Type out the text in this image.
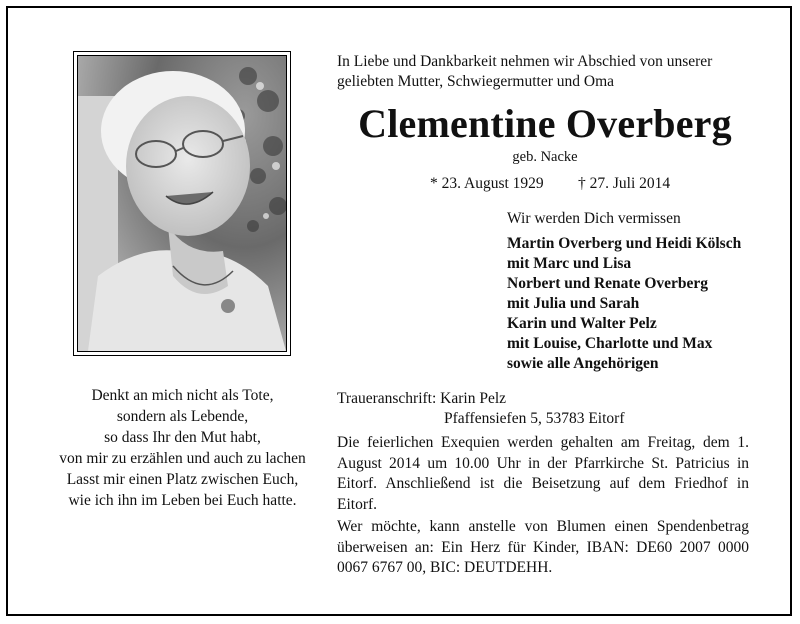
Denkt an mich nicht als Tote,
sondern als Lebende,
so dass Ihr den Mut habt,
von mir zu erzählen und auch zu lachen
Lasst mir einen Platz zwischen Euch,
wie ich ihn im Leben bei Euch hatte.
In Liebe und Dankbarkeit nehmen wir Abschied von unserer
geliebten Mutter, Schwiegermutter und Oma
Clementine Overberg
geb. Nacke
* 23. August 1929 † 27. Juli 2014
Wir werden Dich vermissen
Martin Overberg und Heidi Kölsch
mit Marc und Lisa
Norbert und Renate Overberg
mit Julia und Sarah
Karin und Walter Pelz
mit Louise, Charlotte und Max
sowie alle Angehörigen
Traueranschrift: Karin Pelz
Pfaffensiefen 5, 53783 Eitorf
Die feierlichen Exequien werden gehalten am Freitag, dem 1. August 2014 um 10.00 Uhr in der Pfarrkirche St. Patricius in Eitorf. Anschließend ist die Beisetzung auf dem Friedhof in Eitorf.
Wer möchte, kann anstelle von Blumen einen Spendenbetrag überweisen an: Ein Herz für Kinder, IBAN: DE60 2007 0000 0067 6767 00, BIC: DEUTDEHH.
